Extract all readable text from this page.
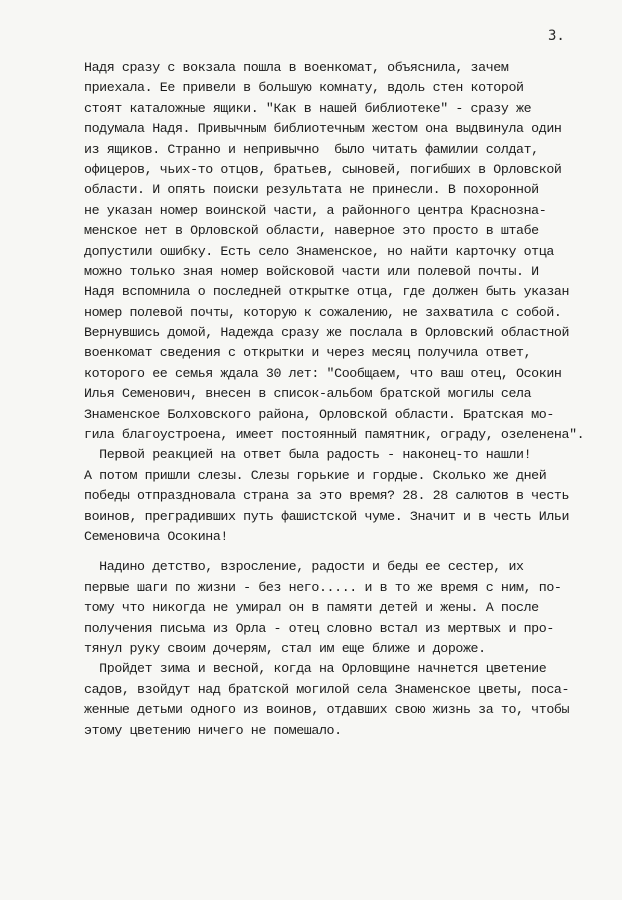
3.
Надя сразу с вокзала пошла в военкомат, объяснила, зачем
приехала. Ее привели в большую комнату, вдоль стен которой
стоят каталожные ящики. "Как в нашей библиотеке" - сразу же
подумала Надя. Привычным библиотечным жестом она выдвинула один
из ящиков. Странно и непривычно  было читать фамилии солдат,
офицеров, чьих-то отцов, братьев, сыновей, погибших в Орловской
области. И опять поиски результата не принесли. В похоронной
не указан номер воинской части, а районного центра Краснозна-
менское нет в Орловской области, наверное это просто в штабе
допустили ошибку. Есть село Знаменское, но найти карточку отца
можно только зная номер войсковой части или полевой почты. И
Надя вспомнила о последней открытке отца, где должен быть указан
номер полевой почты, которую к сожалению, не захватила с собой.
Вернувшись домой, Надежда сразу же послала в Орловский областной
военкомат сведения с открытки и через месяц получила ответ,
которого ее семья ждала 30 лет: "Сообщаем, что ваш отец, Осокин
Илья Семенович, внесен в список-альбом братской могилы села
Знаменское Болховского района, Орловской области. Братская мо-
гила благоустроена, имеет постоянный памятник, ограду, озеленена".
Первой реакцией на ответ была радость - наконец-то нашли!
А потом пришли слезы. Слезы горькие и гордые. Сколько же дней
победы отпраздновала страна за это время? 28. 28 салютов в честь
воинов, преградивших путь фашистской чуме. Значит и в честь Ильи
Семеновича Осокина!
Надино детство, взросление, радости и беды ее сестер, их
первые шаги по жизни - без него..... и в то же время с ним, по-
тому что никогда не умирал он в памяти детей и жены. А после
получения письма из Орла - отец словно встал из мертвых и про-
тянул руку своим дочерям, стал им еще ближе и дороже.
Пройдет зима и весной, когда на Орловщине начнется цветение
садов, взойдут над братской могилой села Знаменское цветы, поса-
женные детьми одного из воинов, отдавших свою жизнь за то, чтобы
этому цветению ничего не помешало.
